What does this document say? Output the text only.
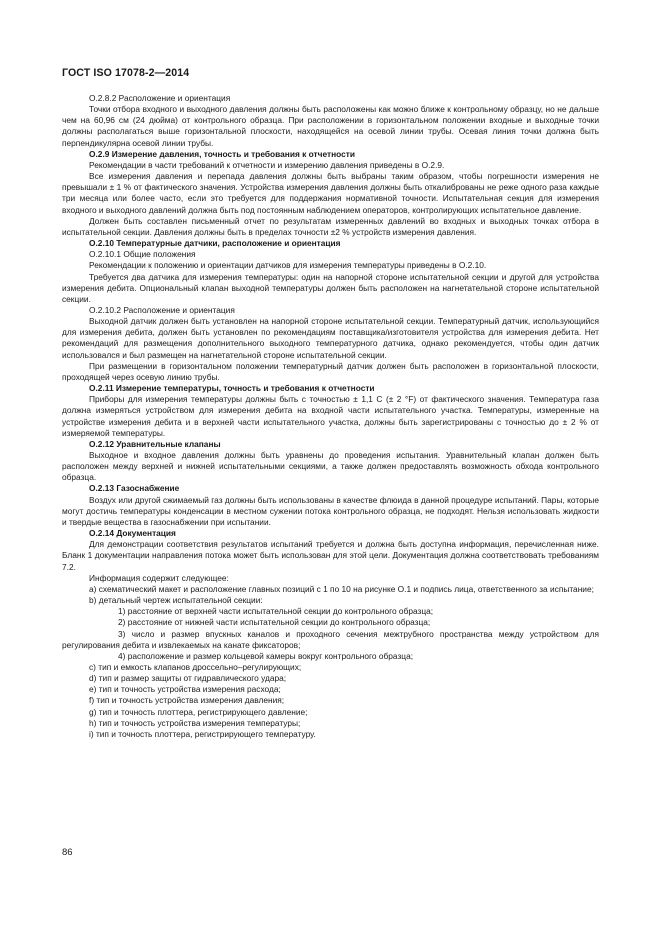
ГОСТ ISO 17078-2—2014

О.2.8.2 Расположение и ориентация

Точки отбора входного и выходного давления должны быть расположены как можно ближе к контрольному образцу, но не дальше чем на 60,96 см (24 дюйма) от контрольного образца. При расположении в горизонтальном положении входные и выходные точки должны располагаться выше горизонтальной плоскости, находящейся на осевой линии трубы. Осевая линия точки должна быть перпендикулярна осевой линии трубы.

О.2.9 Измерение давления, точность и требования к отчетности

Рекомендации в части требований к отчетности и измерению давления приведены в О.2.9.

Все измерения давления и перепада давления должны быть выбраны таким образом, чтобы погрешности измерения не превышали ± 1 % от фактического значения. Устройства измерения давления должны быть откалиброваны не реже одного раза каждые три месяца или более часто, если это требуется для поддержания нормативной точности. Испытательная секция для измерения входного и выходного давлений должна быть под постоянным наблюдением операторов, контролирующих испытательное давление.

Должен быть составлен письменный отчет по результатам измеренных давлений во входных и выходных точках отбора в испытательной секции. Давления должны быть в пределах точности ±2 % устройств измерения давления.

О.2.10 Температурные датчики, расположение и ориентация

О.2.10.1 Общие положения

Рекомендации к положению и ориентации датчиков для измерения температуры приведены в О.2.10.

Требуется два датчика для измерения температуры: один на напорной стороне испытательной секции и другой для устройства измерения дебита. Опциональный клапан выходной температуры должен быть расположен на нагнетательной стороне испытательной секции.

О.2.10.2 Расположение и ориентация

Выходной датчик должен быть установлен на напорной стороне испытательной секции. Температурный датчик, использующийся для измерения дебита, должен быть установлен по рекомендациям поставщика/изготовителя устройства для измерения дебита. Нет рекомендаций для размещения дополнительного выходного температурного датчика, однако рекомендуется, чтобы один датчик использовался и был размещен на нагнетательной стороне испытательной секции.

При размещении в горизонтальном положении температурный датчик должен быть расположен в горизонтальной плоскости, проходящей через осевую линию трубы.

О.2.11 Измерение температуры, точность и требования к отчетности

Приборы для измерения температуры должны быть с точностью ± 1,1 С (± 2 °F) от фактического значения. Температура газа должна измеряться устройством для измерения дебита на входной части испытательного участка. Температуры, измеренные на устройстве измерения дебита и в верхней части испытательного участка, должны быть зарегистрированы с точностью до ± 2 % от измеряемой температуры.

О.2.12 Уравнительные клапаны

Выходное и входное давления должны быть уравнены до проведения испытания. Уравнительный клапан должен быть расположен между верхней и нижней испытательными секциями, а также должен предоставлять возможность обхода контрольного образца.

О.2.13 Газоснабжение

Воздух или другой сжимаемый газ должны быть использованы в качестве флюида в данной процедуре испытаний. Пары, которые могут достичь температуры конденсации в местном сужении потока контрольного образца, не подходят. Нельзя использовать жидкости и твердые вещества в газоснабжении при испытании.

О.2.14 Документация

Для демонстрации соответствия результатов испытаний требуется и должна быть доступна информация, перечисленная ниже. Бланк 1 документации направления потока может быть использован для этой цели. Документация должна соответствовать требованиям 7.2.

Информация содержит следующее:

a) схематический макет и расположение главных позиций с 1 по 10 на рисунке О.1 и подпись лица, ответственного за испытание;

b) детальный чертеж испытательной секции:

1) расстояние от верхней части испытательной секции до контрольного образца;

2) расстояние от нижней части испытательной секции до контрольного образца;

3) число и размер впускных каналов и проходного сечения межтрубного пространства между устройством для регулирования дебита и извлекаемых на канате фиксаторов;

4) расположение и размер кольцевой камеры вокруг контрольного образца;

c) тип и емкость клапанов дроссельно–регулирующих;

d) тип и размер защиты от гидравлического удара;

e) тип и точность устройства измерения расхода;

f) тип и точность устройства измерения давления;

g) тип и точность плоттера, регистрирующего давление;

h) тип и точность устройства измерения температуры;

i) тип и точность плоттера, регистрирующего температуру.

86
